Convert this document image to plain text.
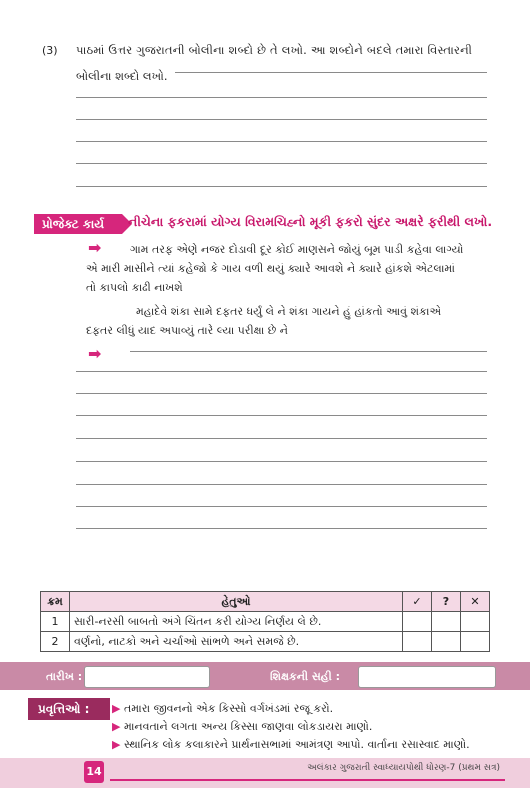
(3) પાઠમાં ઉત્તર ગુજરાતની બોલીના શબ્દો છે તે લખો. આ શબ્દોને બદલે તમારા વિસ્તારની
બોલીના શબ્દો લખો.
પ્રોજેક્ટ કાર્ય	નીચેના ફકરામાં યોગ્ય વિરામચિહ્નો મૂકી ફકરો સુંદર અક્ષરે ફરીથી લખો.
➡	ગામ તરફ એણે નજર દોડાવી દૂર કોઈ માણસને જોયું બૂમ પાડી કહેવા લાગ્યો
એ મારી માસીને ત્યાં કહેજો કે ગાય વળી થયું ક્યારે આવશે ને ક્યારે હાંકશે એટલામાં
તો કાપલો કાઢી નાખશે
મહાદેવે શંકા સામે દફતર ધર્યું લે ને શંકા ગાયને હું હાંકતો આવું શંકાએ
દફતર લીધું યાદ અપાવ્યું તારે લ્યા પરીક્ષા છે ને
➡
ક્રમ	હેતુઓ	✓	?	✕
1	સારી-નરસી બાબતો અંગે ચિંતન કરી યોગ્ય નિર્ણય લે છે.			
2	વર્ણનો, નાટકો અને ચર્ચાઓ સાંભળે અને સમજે છે.			
તારીખ :	શિક્ષકની સહી :
પ્રવૃત્તિઓ :	▶ તમારા જીવનનો એક કિસ્સો વર્ગખંડમાં રજૂ કરો.
▶ માનવતાને લગતા અન્ય કિસ્સા જાણવા લોકડાયરા માણો.
▶ સ્થાનિક લોક કલાકારને પ્રાર્થનાસભામાં આમંત્રણ આપો. વાર્તાના રસાસ્વાદ માણો.
14	અલંકાર ગુજરાતી સ્વાધ્યાયપોથી ધોરણ-7 (પ્રથમ સત્ર)
